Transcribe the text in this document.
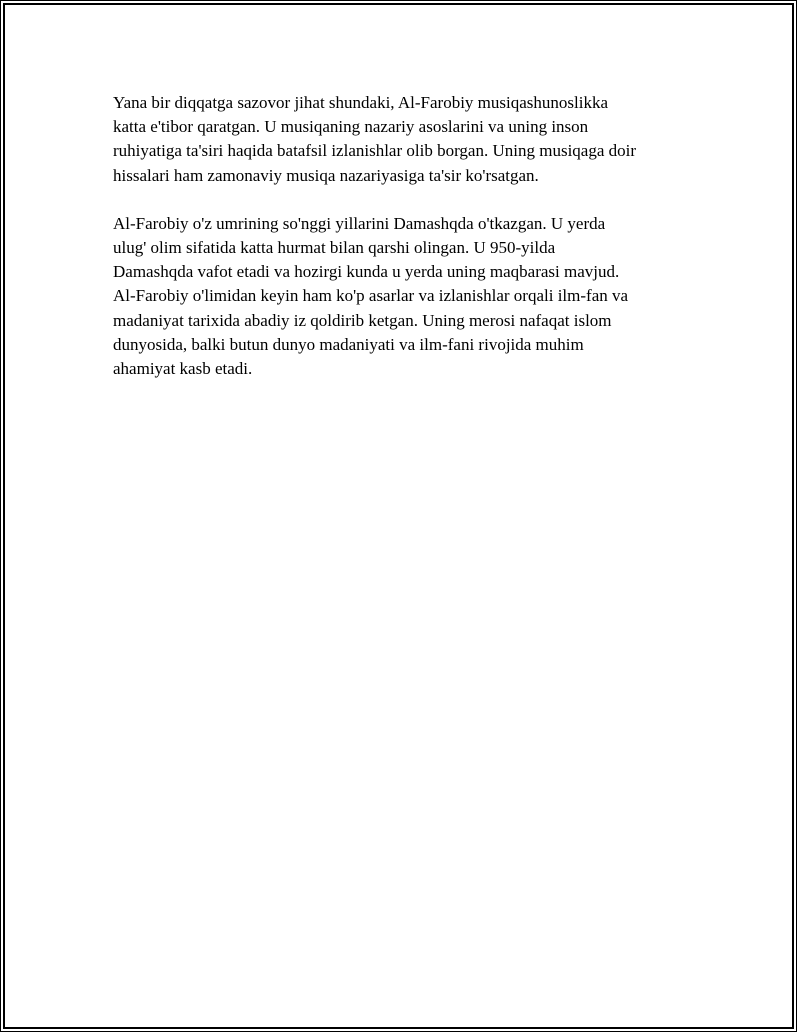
Yana bir diqqatga sazovor jihat shundaki, Al-Farobiy musiqashunoslikka
katta e'tibor qaratgan. U musiqaning nazariy asoslarini va uning inson
ruhiyatiga ta'siri haqida batafsil izlanishlar olib borgan. Uning musiqaga doir
hissalari ham zamonaviy musiqa nazariyasiga ta'sir ko'rsatgan.

Al-Farobiy o'z umrining so'nggi yillarini Damashqda o'tkazgan. U yerda
ulug' olim sifatida katta hurmat bilan qarshi olingan. U 950-yilda
Damashqda vafot etadi va hozirgi kunda u yerda uning maqbarasi mavjud.
Al-Farobiy o'limidan keyin ham ko'p asarlar va izlanishlar orqali ilm-fan va
madaniyat tarixida abadiy iz qoldirib ketgan. Uning merosi nafaqat islom
dunyosida, balki butun dunyo madaniyati va ilm-fani rivojida muhim
ahamiyat kasb etadi.
